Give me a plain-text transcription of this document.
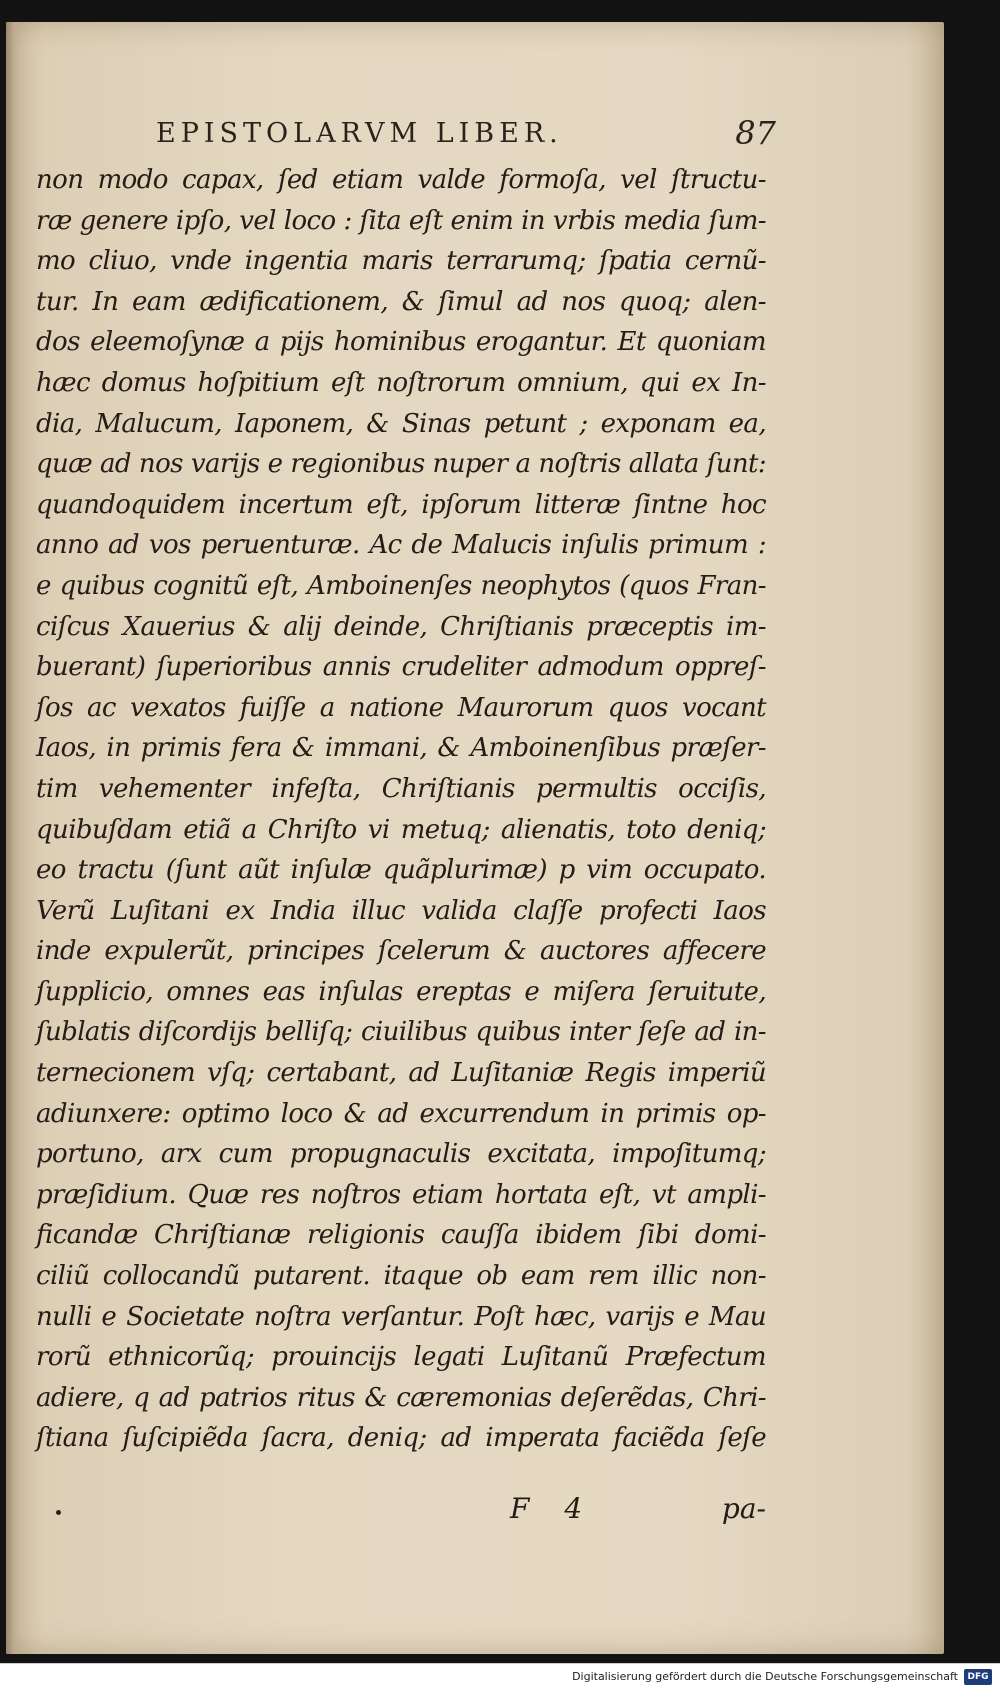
EPISTOLARVM LIBER.	87
non modo capax, ſed etiam valde formoſa, vel ſtructu-
ræ genere ipſo, vel loco : ſita eſt enim in vrbis media ſum-
mo cliuo, vnde ingentia maris terrarumq; ſpatia cernũ-
tur. In eam ædificationem, & ſimul ad nos quoq; alen-
dos eleemoſynæ a pijs hominibus erogantur. Et quoniam
hæc domus hoſpitium eſt noſtrorum omnium, qui ex In-
dia, Malucum, Iaponem, & Sinas petunt ; exponam ea,
quæ ad nos varijs e regionibus nuper a noſtris allata ſunt:
quandoquidem incertum eſt, ipſorum litteræ ſintne hoc
anno ad vos peruenturæ. Ac de Malucis inſulis primum :
e quibus cognitũ eſt, Amboinenſes neophytos (quos Fran-
ciſcus Xauerius & alij deinde, Chriſtianis præceptis im-
buerant) ſuperioribus annis crudeliter admodum oppreſ-
ſos ac vexatos fuiſſe a natione Maurorum quos vocant
Iaos, in primis fera & immani, & Amboinenſibus præſer-
tim vehementer infeſta, Chriſtianis permultis occiſis,
quibuſdam etiã a Chriſto vi metuq; alienatis, toto deniq;
eo tractu (ſunt aũt inſulæ quãplurimæ) p vim occupato.
Verũ Luſitani ex India illuc valida claſſe profecti Iaos
inde expulerũt, principes ſcelerum & auctores affecere
ſupplicio, omnes eas inſulas ereptas e miſera ſeruitute,
ſublatis diſcordijs belliſq; ciuilibus quibus inter ſeſe ad in-
ternecionem vſq; certabant, ad Luſitaniæ Regis imperiũ
adiunxere: optimo loco & ad excurrendum in primis op-
portuno, arx cum propugnaculis excitata, impoſitumq;
præſidium. Quæ res noſtros etiam hortata eſt, vt ampli-
ficandæ Chriſtianæ religionis cauſſa ibidem ſibi domi-
ciliũ collocandũ putarent. itaque ob eam rem illic non-
nulli e Societate noſtra verſantur. Poſt hæc, varijs e Mau
rorũ ethnicorũq; prouincijs legati Luſitanũ Præfectum
adiere, q ad patrios ritus & cæremonias deſerẽdas, Chri-
ſtiana ſuſcipiẽda ſacra, deniq; ad imperata faciẽda ſeſe
F 4	pa-
Digitalisierung gefördert durch die Deutsche Forschungsgemeinschaft	DFG
